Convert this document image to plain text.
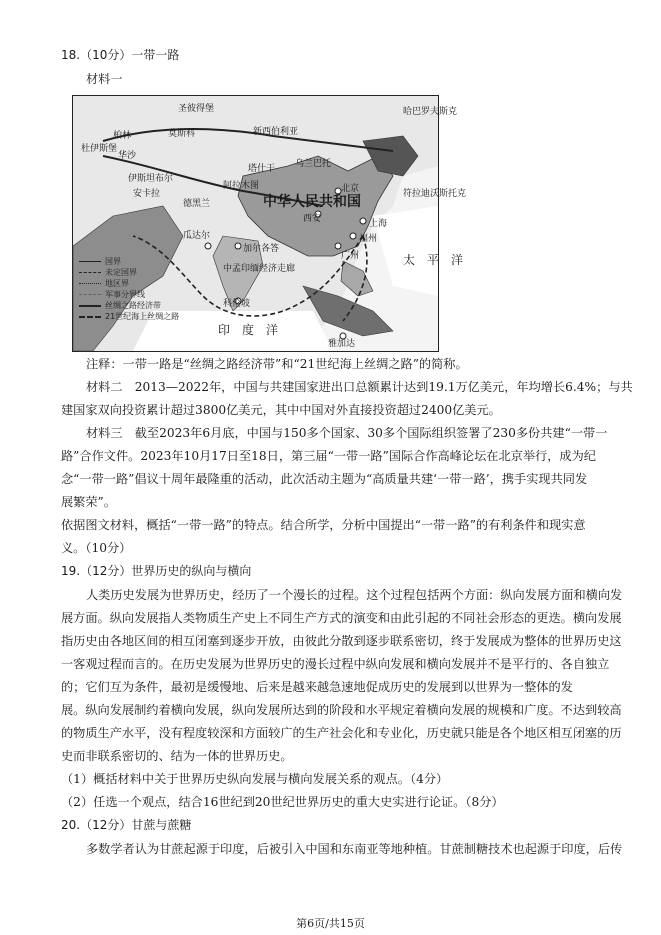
18.（10分）一带一路
材料一
圣彼得堡
莫斯科
柏林
杜伊斯堡
华沙
乌兰巴托
新西伯利亚
哈巴罗夫斯克
塔什干
伊斯坦布尔
安卡拉
德黑兰
阿拉木图	北京
西安
中华人民共和国
上海
福州
广州
加尔各答
科伦坡
雅加达
瓜达尔
符拉迪沃斯托克
印　度　洋
太　平　洋
中孟印缅经济走廊
国界
未定国界
地区界
军事分界线
丝绸之路经济带
21世纪海上丝绸之路
注释：一带一路是“丝绸之路经济带”和“21世纪海上丝绸之路”的简称。
材料二　2013—2022年，中国与共建国家进出口总额累计达到19.1万亿美元，年均增长6.4%；与共
建国家双向投资累计超过3800亿美元，其中中国对外直接投资超过2400亿美元。
材料三　截至2023年6月底，中国与150多个国家、30多个国际组织签署了230多份共建“一带一
路”合作文件。2023年10月17日至18日，第三届“一带一路”国际合作高峰论坛在北京举行，成为纪
念“一带一路”倡议十周年最隆重的活动，此次活动主题为“高质量共建‘一带一路’，携手实现共同发
展繁荣”。
依据图文材料，概括“一带一路”的特点。结合所学，分析中国提出“一带一路”的有利条件和现实意
义。（10分）
19.（12分）世界历史的纵向与横向
人类历史发展为世界历史，经历了一个漫长的过程。这个过程包括两个方面：纵向发展方面和横向发
展方面。纵向发展指人类物质生产史上不同生产方式的演变和由此引起的不同社会形态的更迭。横向发展
指历史由各地区间的相互闭塞到逐步开放，由彼此分散到逐步联系密切，终于发展成为整体的世界历史这
一客观过程而言的。在历史发展为世界历史的漫长过程中纵向发展和横向发展并不是平行的、各自独立
的；它们互为条件，最初是缓慢地、后来是越来越急速地促成历史的发展到以世界为一整体的发
展。纵向发展制约着横向发展，纵向发展所达到的阶段和水平规定着横向发展的规模和广度。不达到较高
的物质生产水平，没有程度较深和方面较广的生产社会化和专业化，历史就只能是各个地区相互闭塞的历
史而非联系密切的、结为一体的世界历史。
（1）概括材料中关于世界历史纵向发展与横向发展关系的观点。（4分）
（2）任选一个观点，结合16世纪到20世纪世界历史的重大史实进行论证。（8分）
20.（12分）甘蔗与蔗糖
多数学者认为甘蔗起源于印度，后被引入中国和东南亚等地种植。甘蔗制糖技术也起源于印度，后传
第6页/共15页
